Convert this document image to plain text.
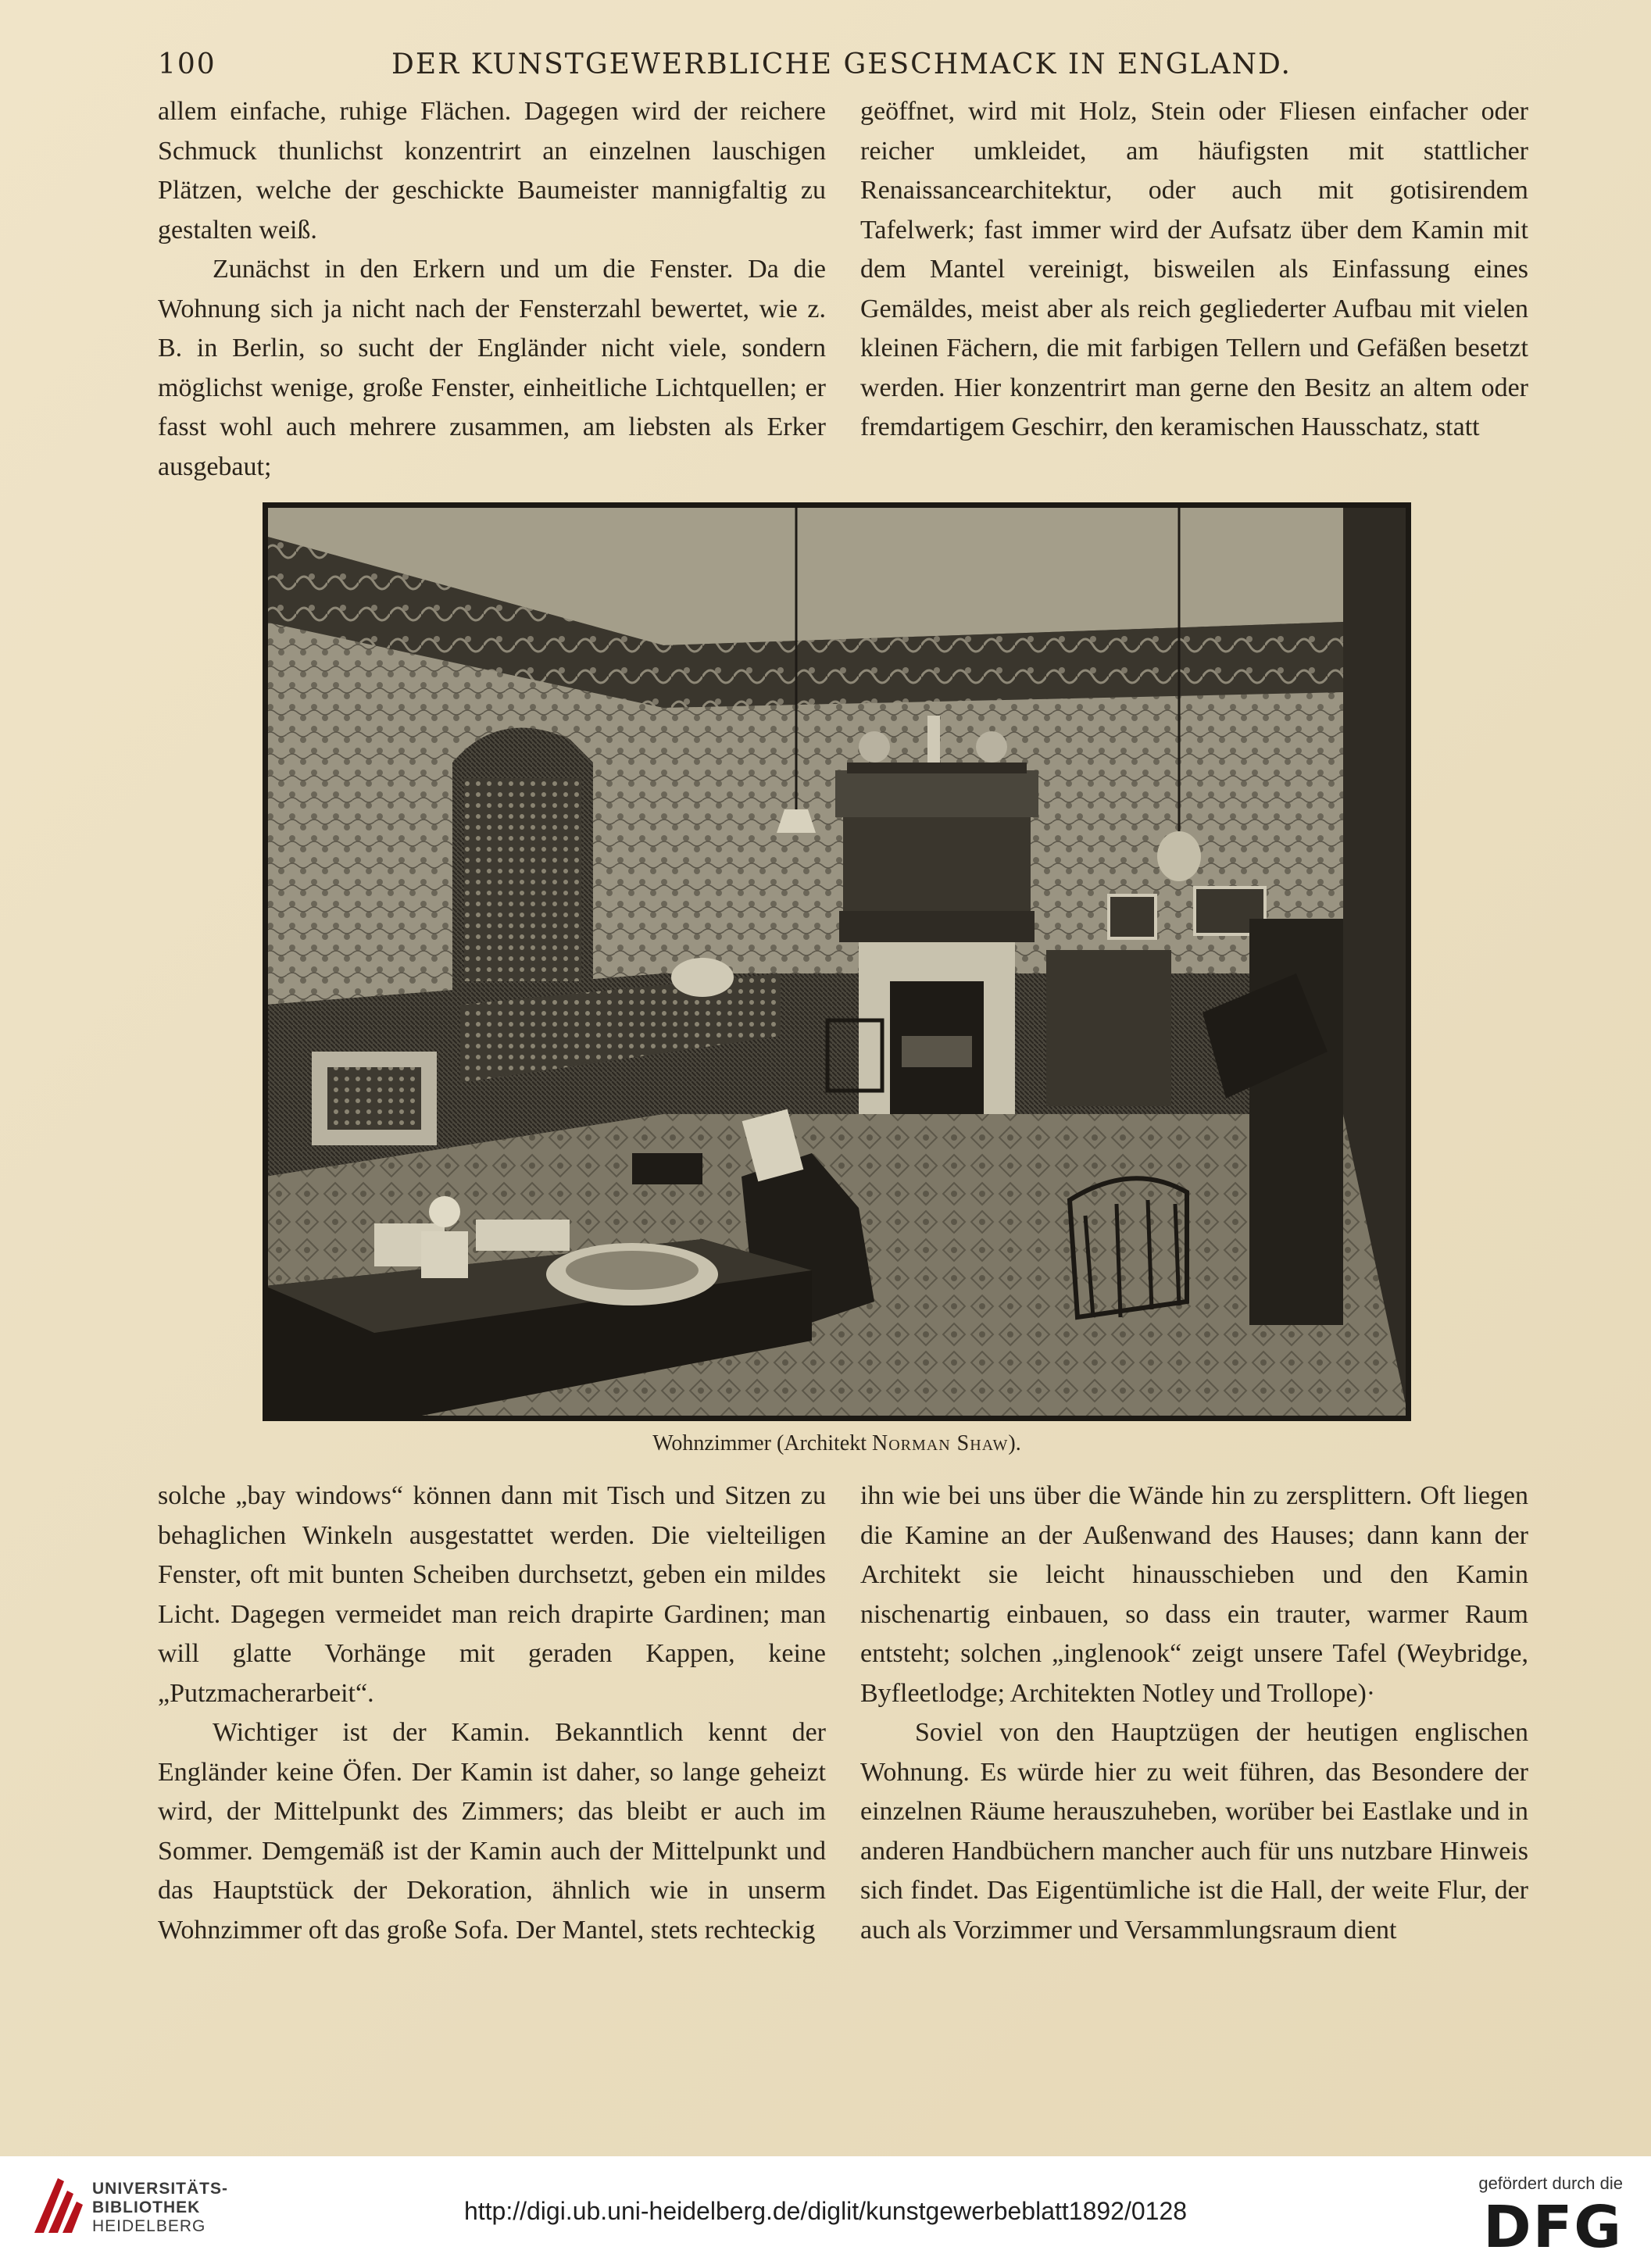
100	DER KUNSTGEWERBLICHE GESCHMACK IN ENGLAND.

allem einfache, ruhige Flächen. Dagegen wird der reichere Schmuck thunlichst konzentrirt an einzelnen lauschigen Plätzen, welche der geschickte Baumeister mannigfaltig zu gestalten weiß.

Zunächst in den Erkern und um die Fenster. Da die Wohnung sich ja nicht nach der Fensterzahl bewertet, wie z. B. in Berlin, so sucht der Engländer nicht viele, sondern möglichst wenige, große Fenster, einheitliche Lichtquellen; er fasst wohl auch mehrere zusammen, am liebsten als Erker ausgebaut;

geöffnet, wird mit Holz, Stein oder Fliesen einfacher oder reicher umkleidet, am häufigsten mit stattlicher Renaissancearchitektur, oder auch mit gotisirendem Tafelwerk; fast immer wird der Aufsatz über dem Kamin mit dem Mantel vereinigt, bisweilen als Einfassung eines Gemäldes, meist aber als reich gegliederter Aufbau mit vielen kleinen Fächern, die mit farbigen Tellern und Gefäßen besetzt werden. Hier konzentrirt man gerne den Besitz an altem oder fremdartigem Geschirr, den keramischen Hausschatz, statt

Wohnzimmer (Architekt Norman Shaw).

solche „bay windows“ können dann mit Tisch und Sitzen zu behaglichen Winkeln ausgestattet werden. Die vielteiligen Fenster, oft mit bunten Scheiben durchsetzt, geben ein mildes Licht. Dagegen vermeidet man reich drapirte Gardinen; man will glatte Vorhänge mit geraden Kappen, keine „Putzmacherarbeit“.

Wichtiger ist der Kamin. Bekanntlich kennt der Engländer keine Öfen. Der Kamin ist daher, so lange geheizt wird, der Mittelpunkt des Zimmers; das bleibt er auch im Sommer. Demgemäß ist der Kamin auch der Mittelpunkt und das Hauptstück der Dekoration, ähnlich wie in unserm Wohnzimmer oft das große Sofa. Der Mantel, stets rechteckig

ihn wie bei uns über die Wände hin zu zersplittern. Oft liegen die Kamine an der Außenwand des Hauses; dann kann der Architekt sie leicht hinausschieben und den Kamin nischenartig einbauen, so dass ein trauter, warmer Raum entsteht; solchen „inglenook“ zeigt unsere Tafel (Weybridge, Byfleetlodge; Architekten Notley und Trollope)·

Soviel von den Hauptzügen der heutigen englischen Wohnung. Es würde hier zu weit führen, das Besondere der einzelnen Räume herauszuheben, worüber bei Eastlake und in anderen Handbüchern mancher auch für uns nutzbare Hinweis sich findet. Das Eigentümliche ist die Hall, der weite Flur, der auch als Vorzimmer und Versammlungsraum dient

UNIVERSITÄTS-
BIBLIOTHEK
HEIDELBERG
http://digi.ub.uni-heidelberg.de/diglit/kunstgewerbeblatt1892/0128
gefördert durch die
DFG
